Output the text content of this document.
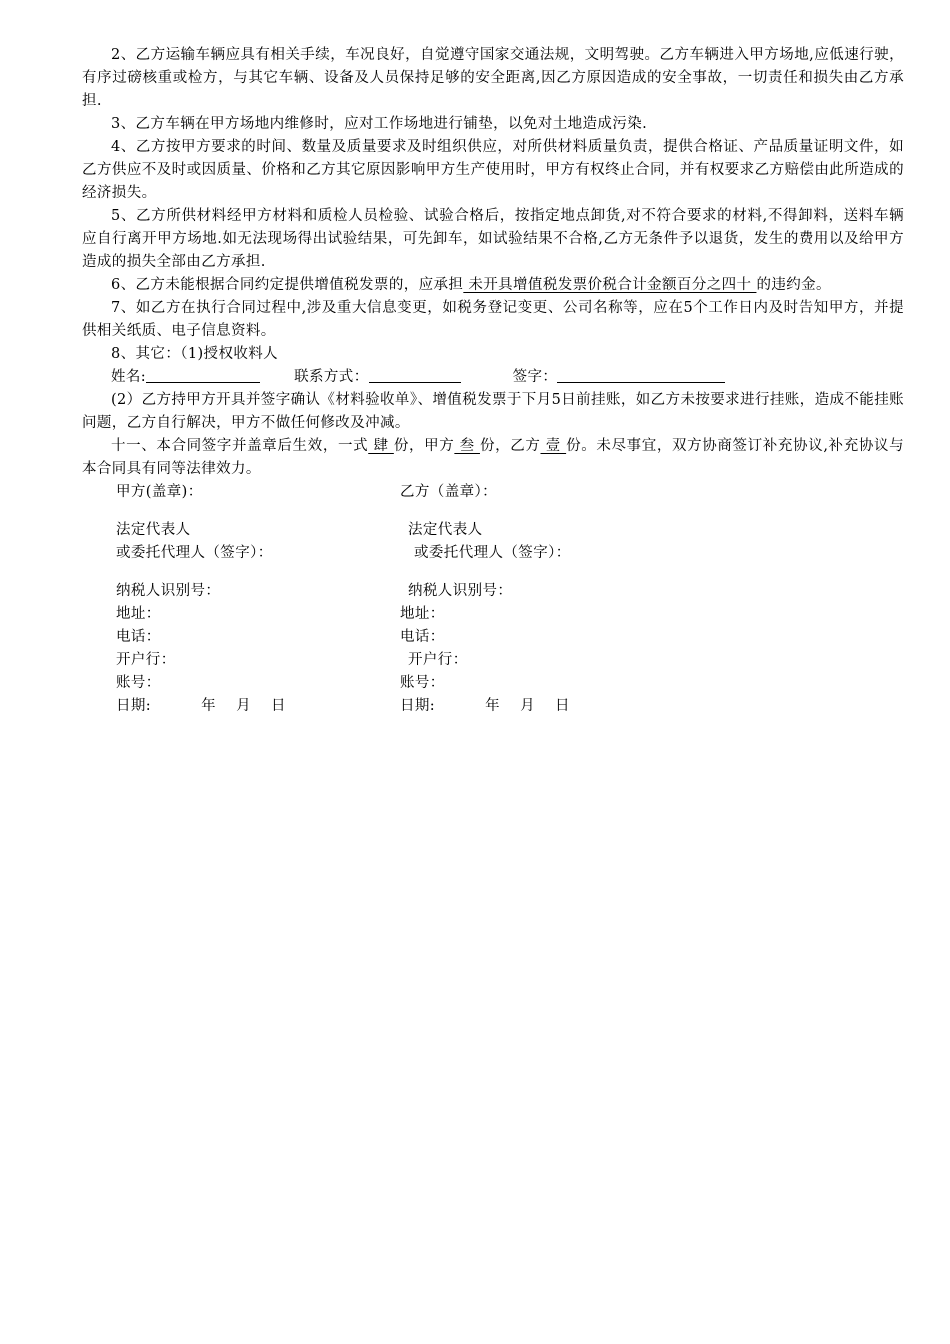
2、乙方运输车辆应具有相关手续，车况良好，自觉遵守国家交通法规，文明驾驶。乙方车辆进入甲方场地,应低速行驶，有序过磅核重或检方，与其它车辆、设备及人员保持足够的安全距离,因乙方原因造成的安全事故，一切责任和损失由乙方承担.

3、乙方车辆在甲方场地内维修时，应对工作场地进行铺垫，以免对土地造成污染.

4、乙方按甲方要求的时间、数量及质量要求及时组织供应，对所供材料质量负责，提供合格证、产品质量证明文件，如乙方供应不及时或因质量、价格和乙方其它原因影响甲方生产使用时，甲方有权终止合同，并有权要求乙方赔偿由此所造成的经济损失。

5、乙方所供材料经甲方材料和质检人员检验、试验合格后，按指定地点卸货,对不符合要求的材料,不得卸料，送料车辆应自行离开甲方场地.如无法现场得出试验结果，可先卸车，如试验结果不合格,乙方无条件予以退货，发生的费用以及给甲方造成的损失全部由乙方承担.

6、乙方未能根据合同约定提供增值税发票的，应承担 未开具增值税发票价税合计金额百分之四十 的违约金。

7、如乙方在执行合同过程中,涉及重大信息变更，如税务登记变更、公司名称等，应在5个工作日内及时告知甲方，并提供相关纸质、电子信息资料。

8、其它：（1)授权收料人

姓名:	联系方式：	签字：

(2）乙方持甲方开具并签字确认《材料验收单》、增值税发票于下月5日前挂账，如乙方未按要求进行挂账，造成不能挂账问题，乙方自行解决，甲方不做任何修改及冲减。

十一、本合同签字并盖章后生效，一式 肆 份，甲方 叁 份，乙方 壹 份。未尽事宜，双方协商签订补充协议,补充协议与本合同具有同等法律效力。

甲方(盖章)：	乙方（盖章）：
法定代表人	法定代表人
或委托代理人（签字）：	或委托代理人（签字）：
纳税人识别号：	纳税人识别号：
地址：	地址：
电话：	电话：
开户行：	开户行：
账号：	账号：
日期:          年    月    日	日期:          年    月    日
